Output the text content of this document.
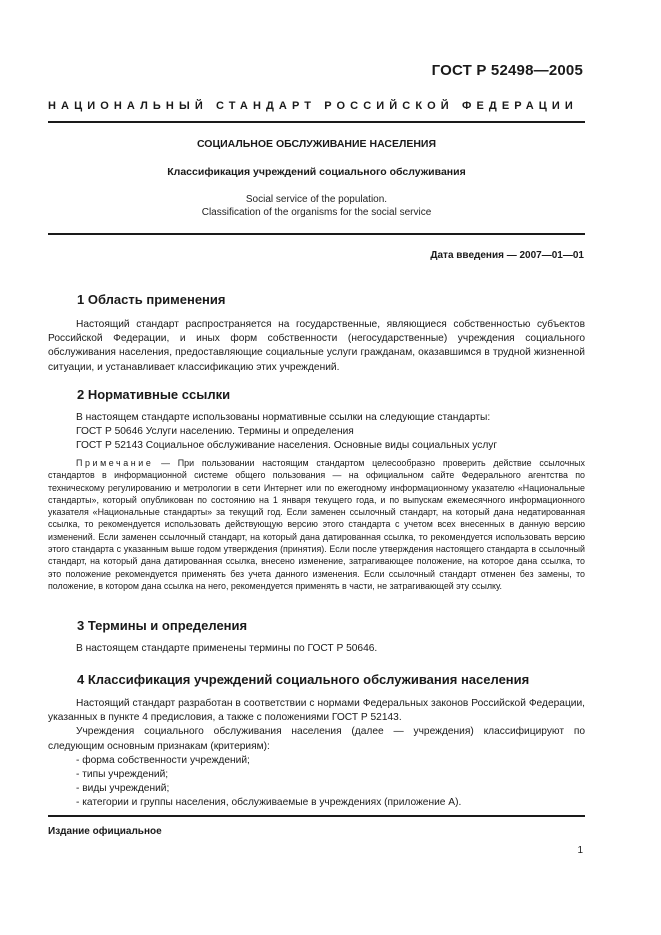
ГОСТ Р 52498—2005
НАЦИОНАЛЬНЫЙ СТАНДАРТ РОССИЙСКОЙ ФЕДЕРАЦИИ
СОЦИАЛЬНОЕ ОБСЛУЖИВАНИЕ НАСЕЛЕНИЯ
Классификация учреждений социального обслуживания
Social service of the population.
Classification of the organisms for the social service
Дата введения — 2007—01—01
1 Область применения
Настоящий стандарт распространяется на государственные, являющиеся собственностью субъектов Российской Федерации, и иных форм собственности (негосударственные) учреждения социального обслуживания населения, предоставляющие социальные услуги гражданам, оказавшимся в трудной жизненной ситуации, и устанавливает классификацию этих учреждений.
2 Нормативные ссылки
В настоящем стандарте использованы нормативные ссылки на следующие стандарты:
ГОСТ Р 50646 Услуги населению. Термины и определения
ГОСТ Р 52143 Социальное обслуживание населения. Основные виды социальных услуг
Примечание — При пользовании настоящим стандартом целесообразно проверить действие ссылочных стандартов в информационной системе общего пользования — на официальном сайте Федерального агентства по техническому регулированию и метрологии в сети Интернет или по ежегодному информационному указателю «Национальные стандарты», который опубликован по состоянию на 1 января текущего года, и по выпускам ежемесячного информационного указателя «Национальные стандарты» за текущий год. Если заменен ссылочный стандарт, на который дана недатированная ссылка, то рекомендуется использовать действующую версию этого стандарта с учетом всех внесенных в данную версию изменений. Если заменен ссылочный стандарт, на который дана датированная ссылка, то рекомендуется использовать версию этого стандарта с указанным выше годом утверждения (принятия). Если после утверждения настоящего стандарта в ссылочный стандарт, на который дана датированная ссылка, внесено изменение, затрагивающее положение, на которое дана ссылка, то это положение рекомендуется применять без учета данного изменения. Если ссылочный стандарт отменен без замены, то положение, в котором дана ссылка на него, рекомендуется применять в части, не затрагивающей эту ссылку.
3 Термины и определения
В настоящем стандарте применены термины по ГОСТ Р 50646.
4 Классификация учреждений социального обслуживания населения
Настоящий стандарт разработан в соответствии с нормами Федеральных законов Российской Федерации, указанных в пункте 4 предисловия, а также с положениями ГОСТ Р 52143.
Учреждения социального обслуживания населения (далее — учреждения) классифицируют по следующим основным признакам (критериям):
- форма собственности учреждений;
- типы учреждений;
- виды учреждений;
- категории и группы населения, обслуживаемые в учреждениях (приложение А).
Издание официальное
1
